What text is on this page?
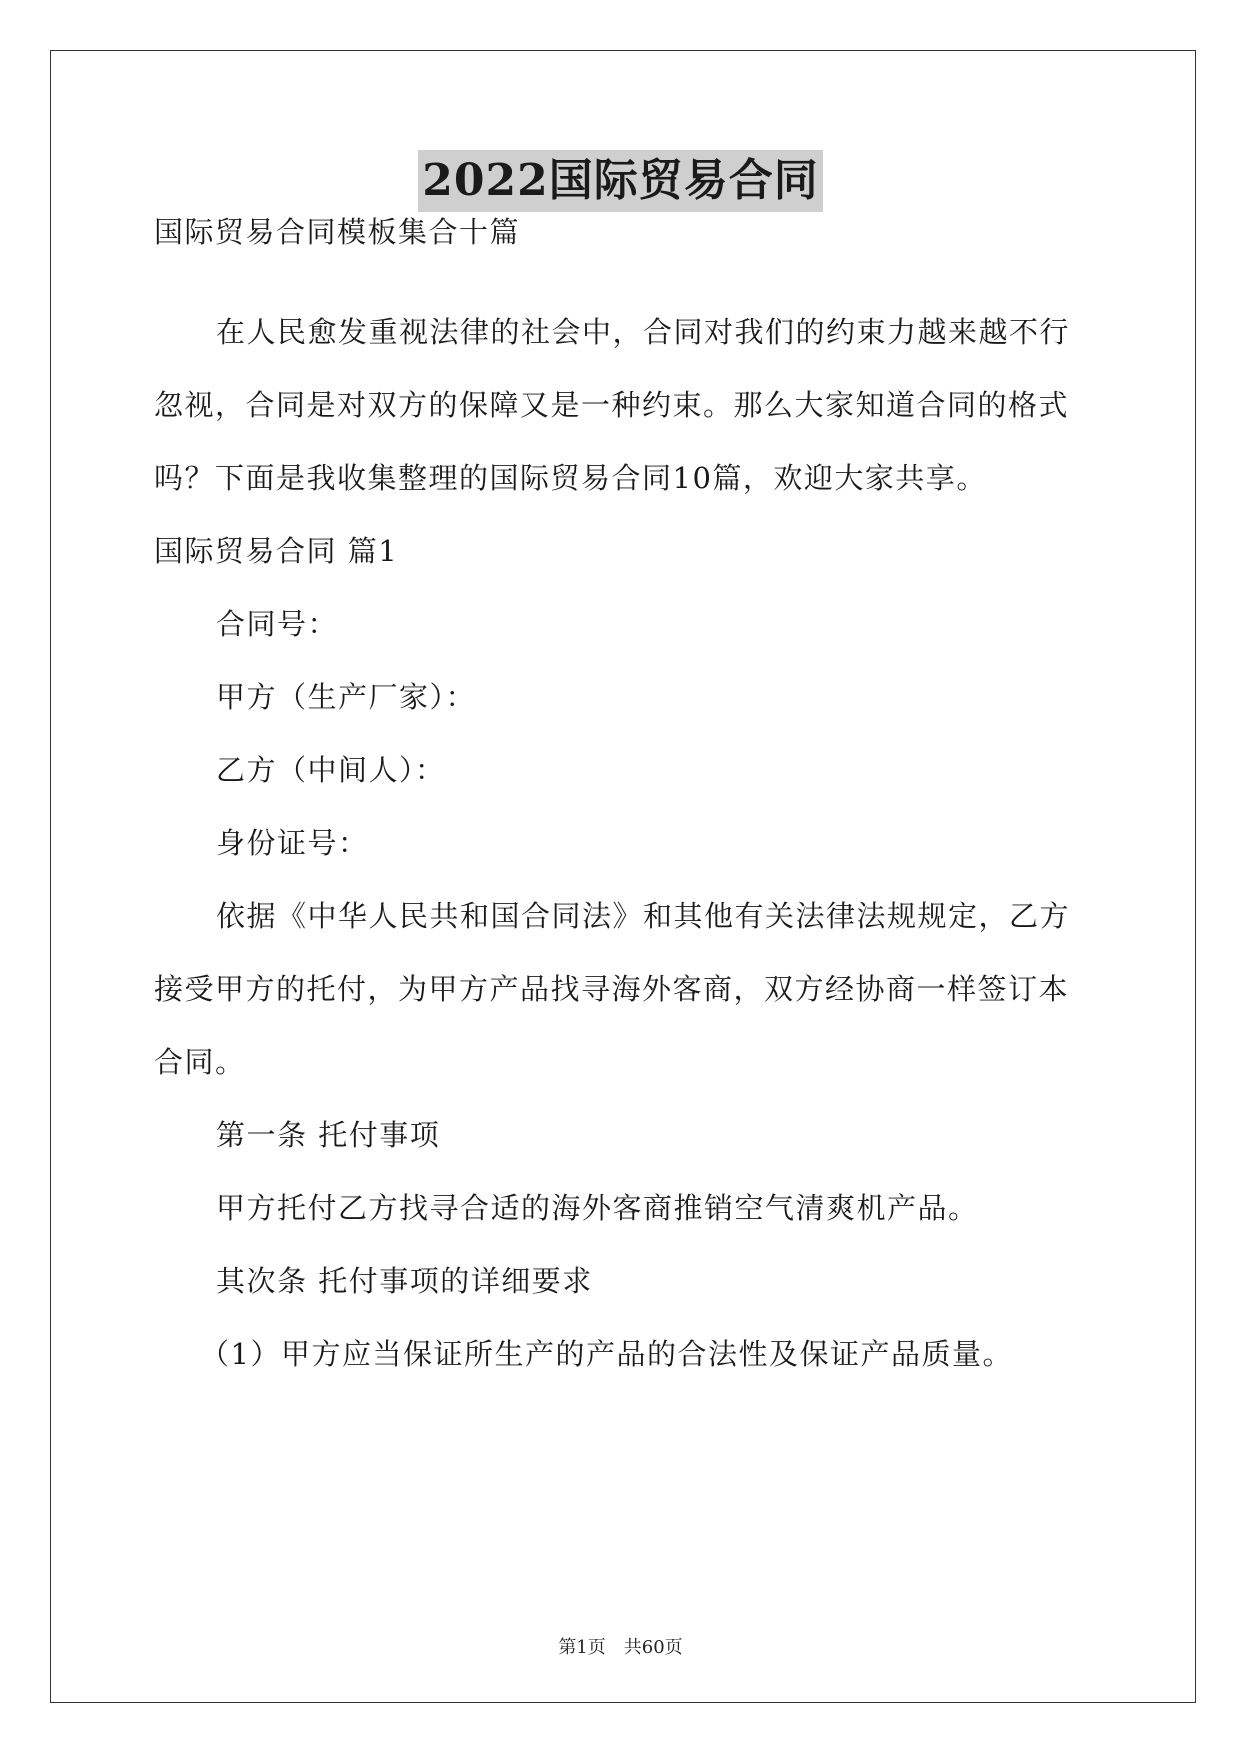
2022国际贸易合同
国际贸易合同模板集合十篇
在人民愈发重视法律的社会中，合同对我们的约束力越来越不行
忽视，合同是对双方的保障又是一种约束。那么大家知道合同的格式
吗？下面是我收集整理的国际贸易合同10篇，欢迎大家共享。
国际贸易合同 篇1
合同号：
甲方（生产厂家）：
乙方（中间人）：
身份证号：
依据《中华人民共和国合同法》和其他有关法律法规规定，乙方
接受甲方的托付，为甲方产品找寻海外客商，双方经协商一样签订本
合同。
第一条 托付事项
甲方托付乙方找寻合适的海外客商推销空气清爽机产品。
其次条 托付事项的详细要求
（1）甲方应当保证所生产的产品的合法性及保证产品质量。
第1页　共60页
